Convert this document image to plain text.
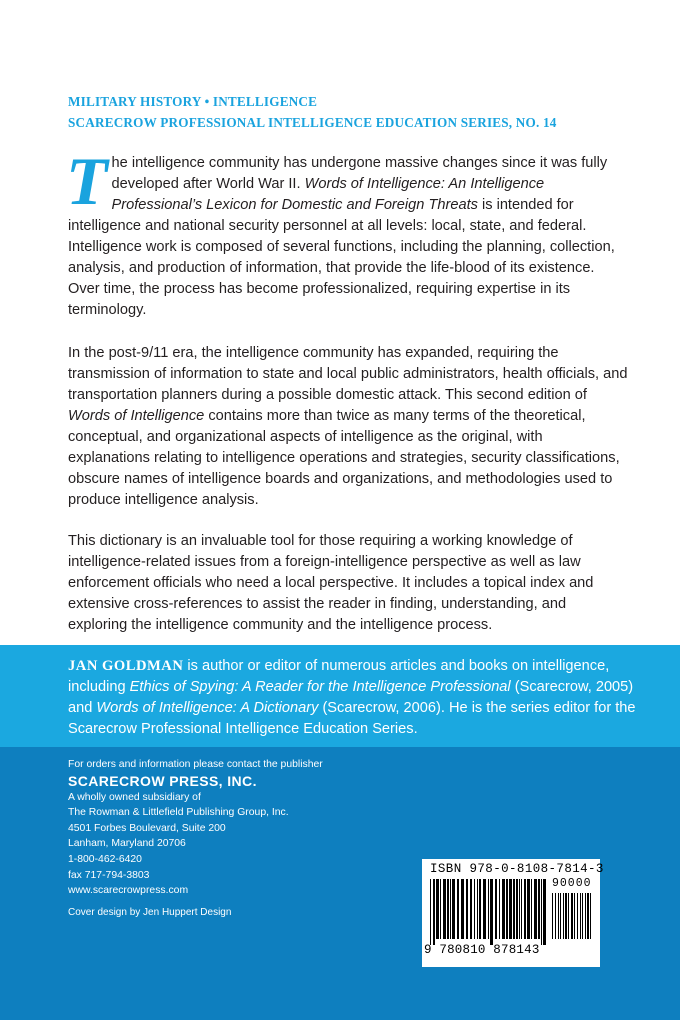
MILITARY HISTORY • INTELLIGENCE
SCARECROW PROFESSIONAL INTELLIGENCE EDUCATION SERIES, NO. 14
The intelligence community has undergone massive changes since it was fully developed after World War II. Words of Intelligence: An Intelligence Professional’s Lexicon for Domestic and Foreign Threats is intended for intelligence and national security personnel at all levels: local, state, and federal. Intelligence work is composed of several functions, including the planning, collection, analysis, and production of information, that provide the life-blood of its existence. Over time, the process has become professionalized, requiring expertise in its terminology.
In the post-9/11 era, the intelligence community has expanded, requiring the transmission of information to state and local public administrators, health officials, and transportation planners during a possible domestic attack. This second edition of Words of Intelligence contains more than twice as many terms of the theoretical, conceptual, and organizational aspects of intelligence as the original, with explanations relating to intelligence operations and strategies, security classifications, obscure names of intelligence boards and organizations, and methodologies used to produce intelligence analysis.
This dictionary is an invaluable tool for those requiring a working knowledge of intelligence-related issues from a foreign-intelligence perspective as well as law enforcement officials who need a local perspective. It includes a topical index and extensive cross-references to assist the reader in finding, understanding, and exploring the intelligence community and the intelligence process.
JAN GOLDMAN is author or editor of numerous articles and books on intelligence, including Ethics of Spying: A Reader for the Intelligence Professional (Scarecrow, 2005) and Words of Intelligence: A Dictionary (Scarecrow, 2006). He is the series editor for the Scarecrow Professional Intelligence Education Series.
For orders and information please contact the publisher
SCARECROW PRESS, INC.
A wholly owned subsidiary of
The Rowman & Littlefield Publishing Group, Inc.
4501 Forbes Boulevard, Suite 200
Lanham, Maryland 20706
1-800-462-6420
fax 717-794-3803
www.scarecrowpress.com
Cover design by Jen Huppert Design
ISBN 978-0-8108-7814-3
90000
9 780810 878143
